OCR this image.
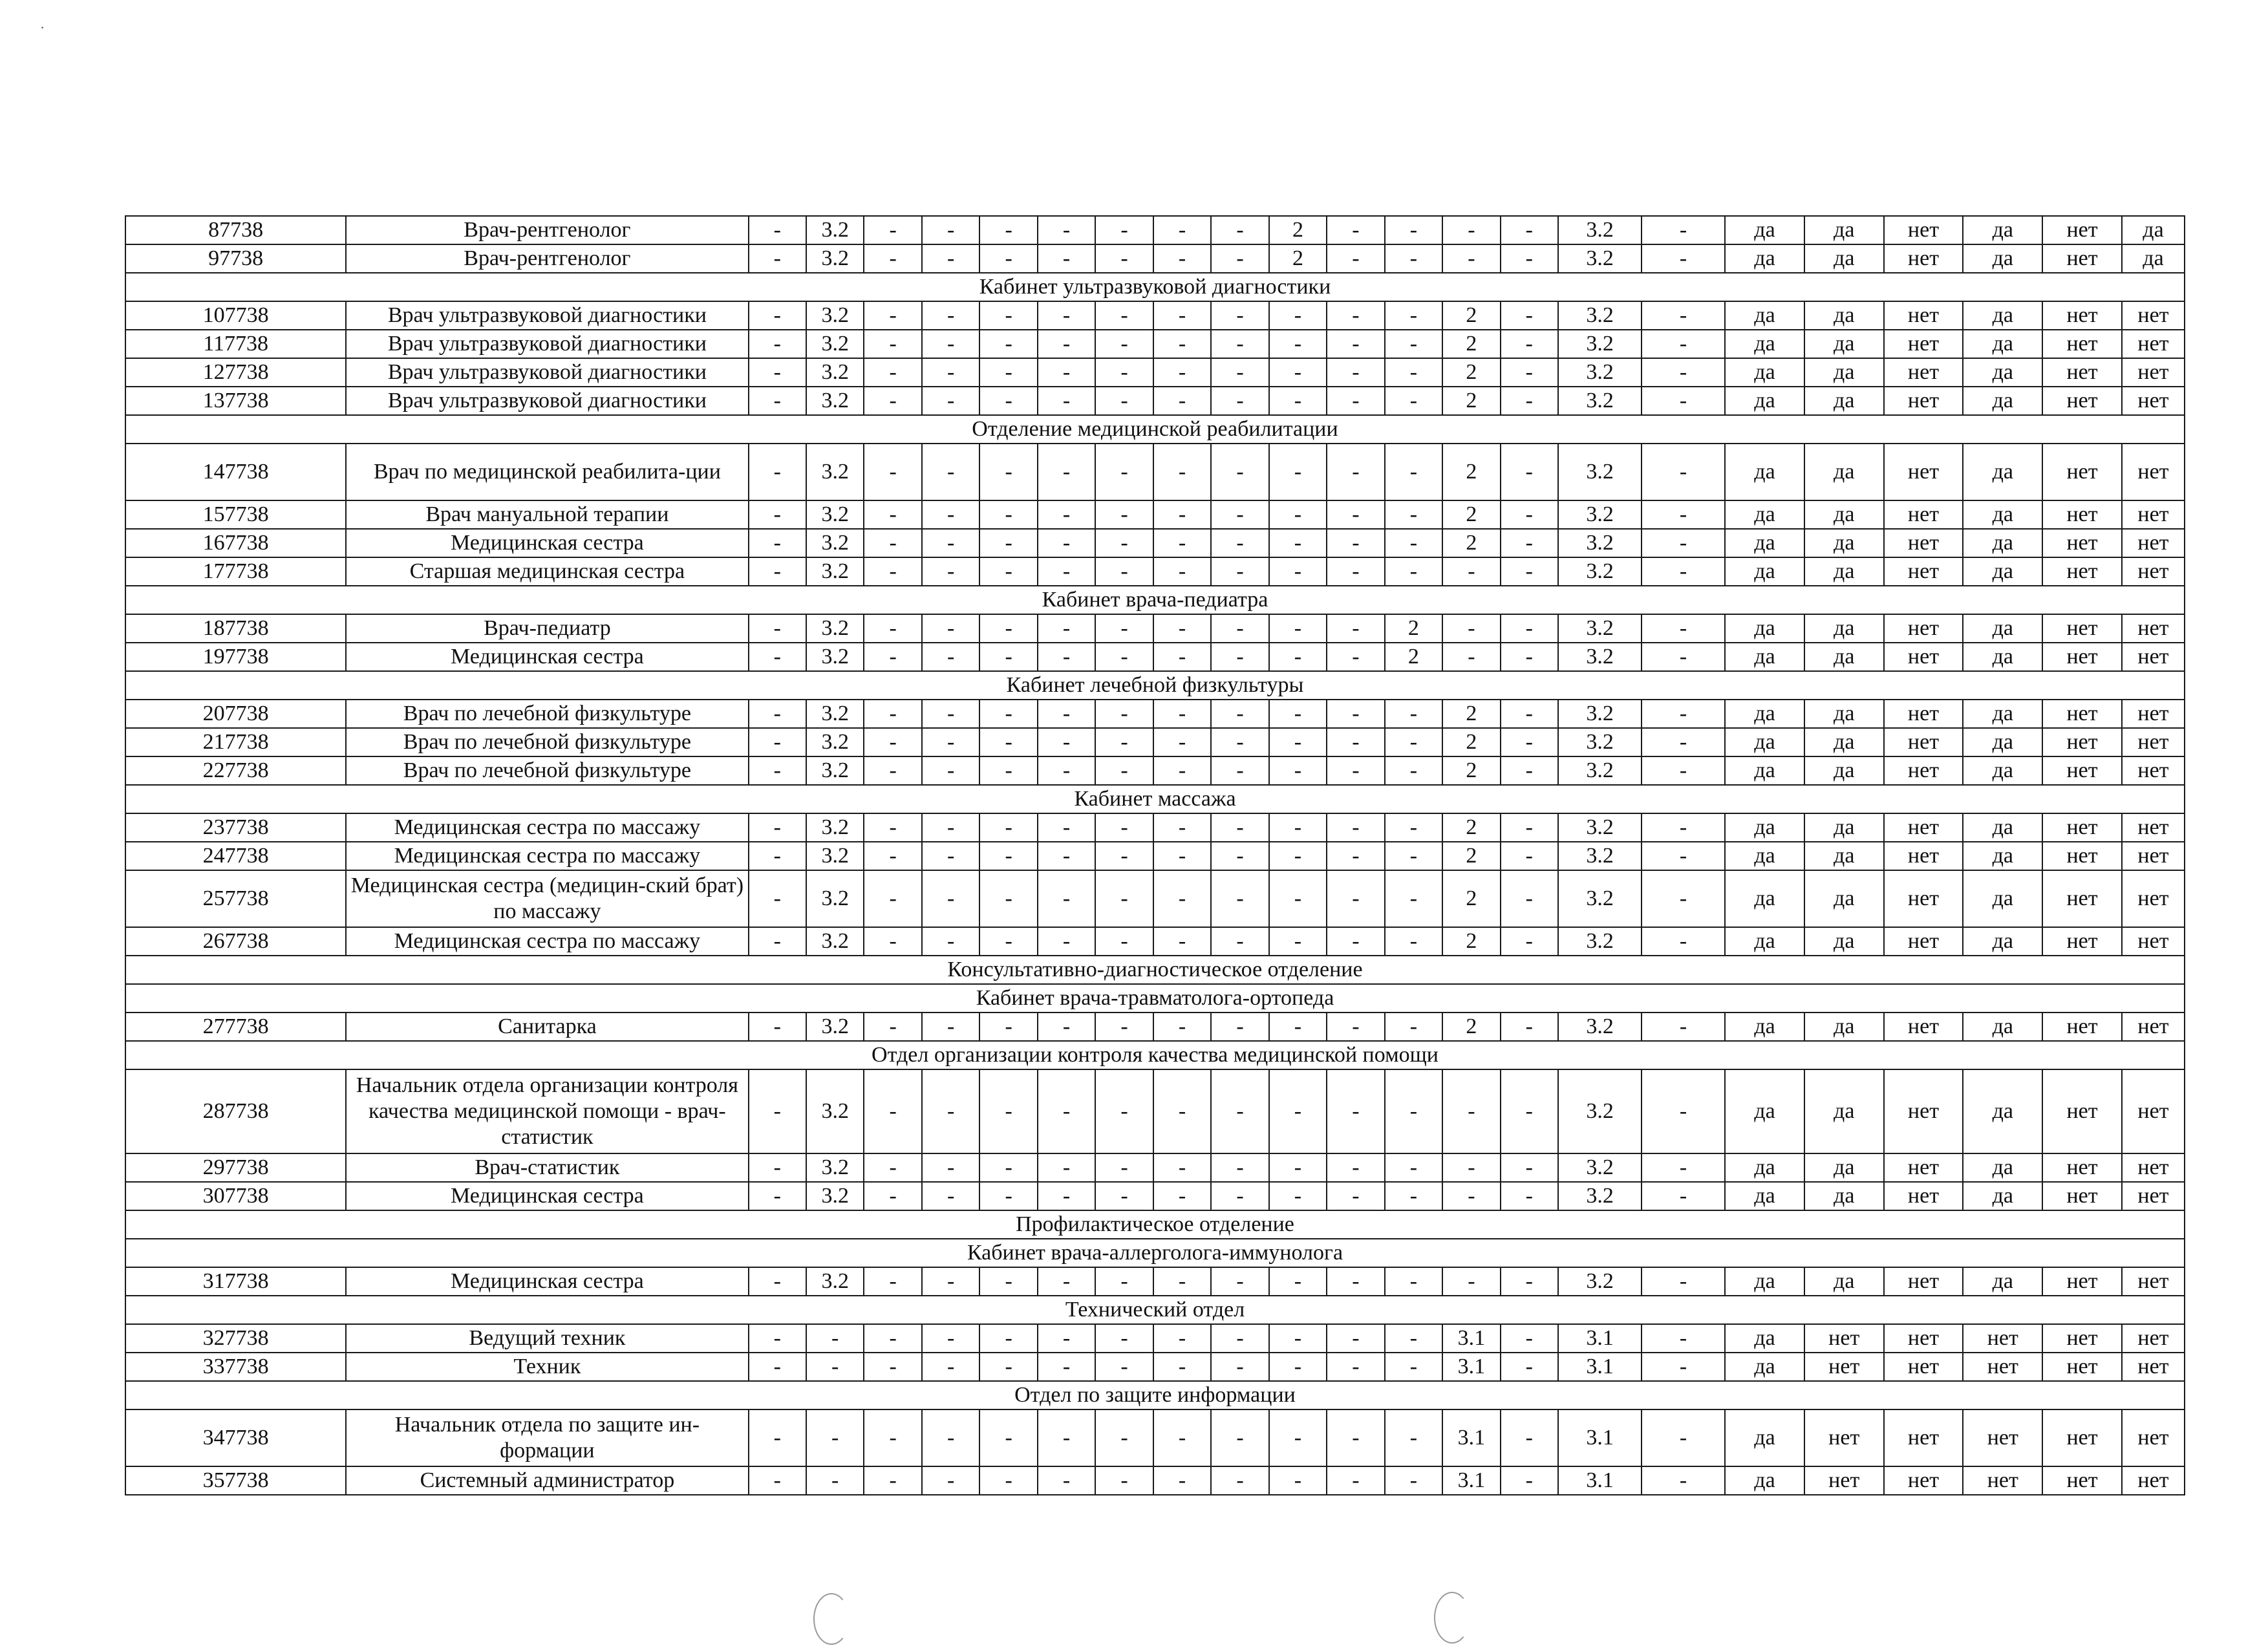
·
87738	Врач-рентгенолог	-	3.2	-	-	-	-	-	-	-	2	-	-	-	-	3.2	-	да	да	нет	да	нет	да
97738	Врач-рентгенолог	-	3.2	-	-	-	-	-	-	-	2	-	-	-	-	3.2	-	да	да	нет	да	нет	да
Кабинет ультразвуковой диагностики																							
107738	Врач ультразвуковой диагностики	-	3.2	-	-	-	-	-	-	-	-	-	-	2	-	3.2	-	да	да	нет	да	нет	нет
117738	Врач ультразвуковой диагностики	-	3.2	-	-	-	-	-	-	-	-	-	-	2	-	3.2	-	да	да	нет	да	нет	нет
127738	Врач ультразвуковой диагностики	-	3.2	-	-	-	-	-	-	-	-	-	-	2	-	3.2	-	да	да	нет	да	нет	нет
137738	Врач ультразвуковой диагностики	-	3.2	-	-	-	-	-	-	-	-	-	-	2	-	3.2	-	да	да	нет	да	нет	нет
Отделение медицинской реабилитации																							
147738	Врач по медицинской реабилита-ции	-	3.2	-	-	-	-	-	-	-	-	-	-	2	-	3.2	-	да	да	нет	да	нет	нет
157738	Врач мануальной терапии	-	3.2	-	-	-	-	-	-	-	-	-	-	2	-	3.2	-	да	да	нет	да	нет	нет
167738	Медицинская сестра	-	3.2	-	-	-	-	-	-	-	-	-	-	2	-	3.2	-	да	да	нет	да	нет	нет
177738	Старшая медицинская сестра	-	3.2	-	-	-	-	-	-	-	-	-	-	-	-	3.2	-	да	да	нет	да	нет	нет
Кабинет врача-педиатра																							
187738	Врач-педиатр	-	3.2	-	-	-	-	-	-	-	-	-	2	-	-	3.2	-	да	да	нет	да	нет	нет
197738	Медицинская сестра	-	3.2	-	-	-	-	-	-	-	-	-	2	-	-	3.2	-	да	да	нет	да	нет	нет
Кабинет лечебной физкультуры																							
207738	Врач по лечебной физкультуре	-	3.2	-	-	-	-	-	-	-	-	-	-	2	-	3.2	-	да	да	нет	да	нет	нет
217738	Врач по лечебной физкультуре	-	3.2	-	-	-	-	-	-	-	-	-	-	2	-	3.2	-	да	да	нет	да	нет	нет
227738	Врач по лечебной физкультуре	-	3.2	-	-	-	-	-	-	-	-	-	-	2	-	3.2	-	да	да	нет	да	нет	нет
Кабинет массажа																							
237738	Медицинская сестра по массажу	-	3.2	-	-	-	-	-	-	-	-	-	-	2	-	3.2	-	да	да	нет	да	нет	нет
247738	Медицинская сестра по массажу	-	3.2	-	-	-	-	-	-	-	-	-	-	2	-	3.2	-	да	да	нет	да	нет	нет
257738	Медицинская сестра (медицин-ский брат) по массажу	-	3.2	-	-	-	-	-	-	-	-	-	-	2	-	3.2	-	да	да	нет	да	нет	нет
267738	Медицинская сестра по массажу	-	3.2	-	-	-	-	-	-	-	-	-	-	2	-	3.2	-	да	да	нет	да	нет	нет
Консультативно-диагностическое отделение																							
Кабинет врача-травматолога-ортопеда																							
277738	Санитарка	-	3.2	-	-	-	-	-	-	-	-	-	-	2	-	3.2	-	да	да	нет	да	нет	нет
Отдел организации контроля качества медицинской помощи																							
287738	Начальник отдела организации контроля качества медицинской помощи - врач-статистик	-	3.2	-	-	-	-	-	-	-	-	-	-	-	-	3.2	-	да	да	нет	да	нет	нет
297738	Врач-статистик	-	3.2	-	-	-	-	-	-	-	-	-	-	-	-	3.2	-	да	да	нет	да	нет	нет
307738	Медицинская сестра	-	3.2	-	-	-	-	-	-	-	-	-	-	-	-	3.2	-	да	да	нет	да	нет	нет
Профилактическое отделение																							
Кабинет врача-аллерголога-иммунолога																							
317738	Медицинская сестра	-	3.2	-	-	-	-	-	-	-	-	-	-	-	-	3.2	-	да	да	нет	да	нет	нет
Технический отдел																							
327738	Ведущий техник	-	-	-	-	-	-	-	-	-	-	-	-	3.1	-	3.1	-	да	нет	нет	нет	нет	нет
337738	Техник	-	-	-	-	-	-	-	-	-	-	-	-	3.1	-	3.1	-	да	нет	нет	нет	нет	нет
Отдел по защите информации																							
347738	Начальник отдела по защите ин-формации	-	-	-	-	-	-	-	-	-	-	-	-	3.1	-	3.1	-	да	нет	нет	нет	нет	нет
357738	Системный администратор	-	-	-	-	-	-	-	-	-	-	-	-	3.1	-	3.1	-	да	нет	нет	нет	нет	нет
